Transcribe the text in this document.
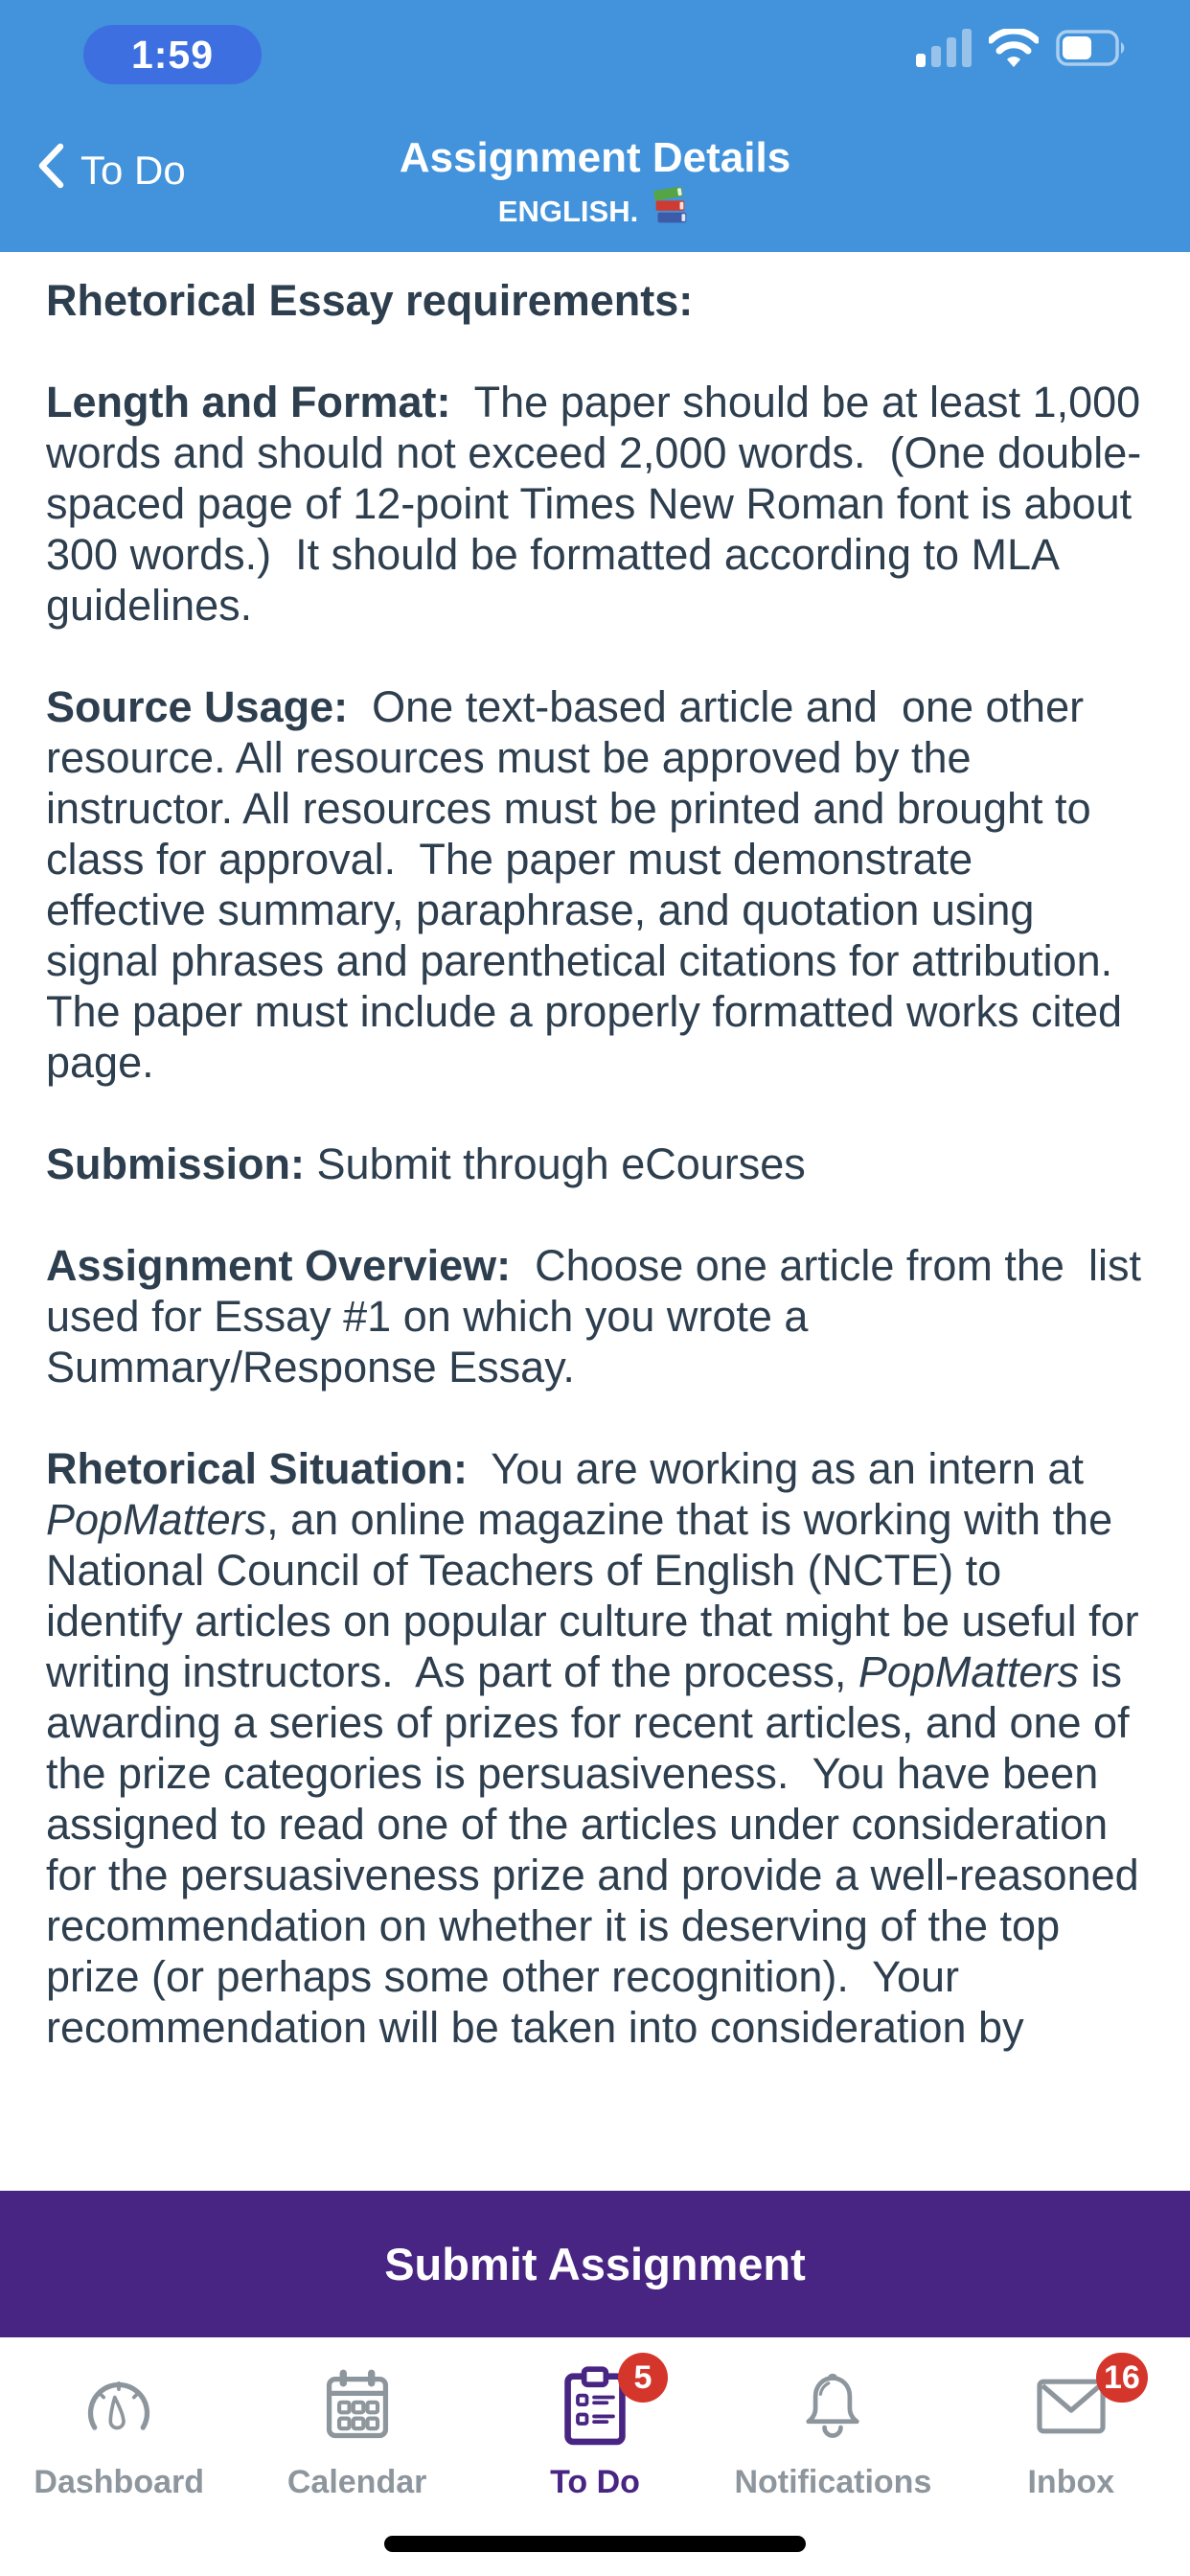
1:59
To Do	Assignment Details
ENGLISH.
Rhetorical Essay requirements:

Length and Format:  The paper should be at least 1,000 words and should not exceed 2,000 words.  (One double-spaced page of 12-point Times New Roman font is about 300 words.)  It should be formatted according to MLA guidelines.

Source Usage:  One text-based article and  one other resource. All resources must be approved by the instructor. All resources must be printed and brought to class for approval.  The paper must demonstrate effective summary, paraphrase, and quotation using signal phrases and parenthetical citations for attribution.  The paper must include a properly formatted works cited page.

Submission: Submit through eCourses

Assignment Overview:  Choose one article from the  list used for Essay #1 on which you wrote a Summary/Response Essay.

Rhetorical Situation:  You are working as an intern at PopMatters, an online magazine that is working with the National Council of Teachers of English (NCTE) to identify articles on popular culture that might be useful for writing instructors.  As part of the process, PopMatters is awarding a series of prizes for recent articles, and one of the prize categories is persuasiveness.  You have been assigned to read one of the articles under consideration for the persuasiveness prize and provide a well-reasoned recommendation on whether it is deserving of the top prize (or perhaps some other recognition).  Your recommendation will be taken into consideration by

Submit Assignment
Dashboard	Calendar
5
To Do	Notifications
16
Inbox
